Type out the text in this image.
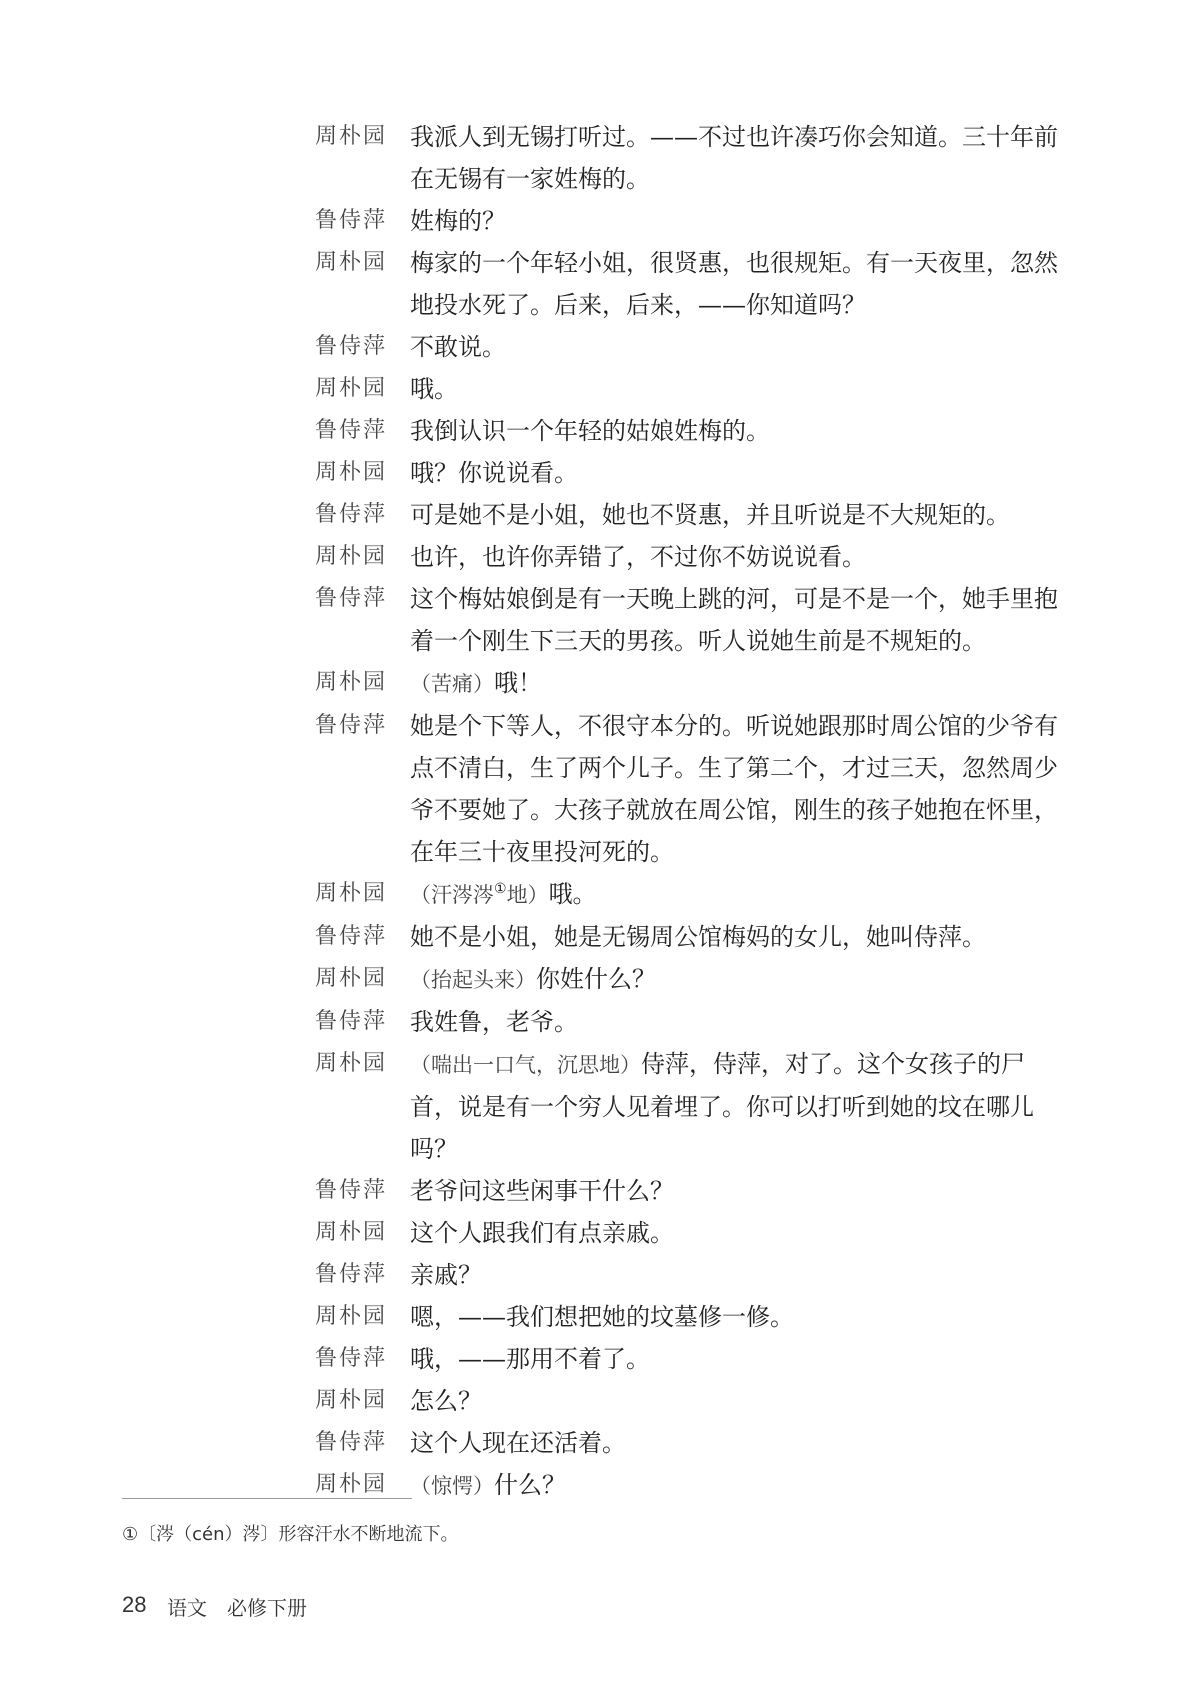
周朴园 我派人到无锡打听过。——不过也许凑巧你会知道。三十年前在无锡有一家姓梅的。
鲁侍萍 姓梅的？
周朴园 梅家的一个年轻小姐，很贤惠，也很规矩。有一天夜里，忽然地投水死了。后来，后来，——你知道吗？
鲁侍萍 不敢说。
周朴园 哦。
鲁侍萍 我倒认识一个年轻的姑娘姓梅的。
周朴园 哦？你说说看。
鲁侍萍 可是她不是小姐，她也不贤惠，并且听说是不大规矩的。
周朴园 也许，也许你弄错了，不过你不妨说说看。
鲁侍萍 这个梅姑娘倒是有一天晚上跳的河，可是不是一个，她手里抱着一个刚生下三天的男孩。听人说她生前是不规矩的。
周朴园	（苦痛）哦！
鲁侍萍 她是个下等人，不很守本分的。听说她跟那时周公馆的少爷有点不清白，生了两个儿子。生了第二个，才过三天，忽然周少爷不要她了。大孩子就放在周公馆，刚生的孩子她抱在怀里，在年三十夜里投河死的。
周朴园	（汗涔涔①地）哦。
鲁侍萍 她不是小姐，她是无锡周公馆梅妈的女儿，她叫侍萍。
周朴园	（抬起头来）你姓什么？
鲁侍萍 我姓鲁，老爷。
周朴园	（喘出一口气，沉思地）侍萍，侍萍，对了。这个女孩子的尸首，说是有一个穷人见着埋了。你可以打听到她的坟在哪儿吗？
鲁侍萍 老爷问这些闲事干什么？
周朴园 这个人跟我们有点亲戚。
鲁侍萍 亲戚？
周朴园 嗯，——我们想把她的坟墓修一修。
鲁侍萍 哦，——那用不着了。
周朴园 怎么？
鲁侍萍 这个人现在还活着。
周朴园	（惊愕）什么？
①〔涔（cén）涔〕形容汗水不断地流下。
28 语文　必修下册
